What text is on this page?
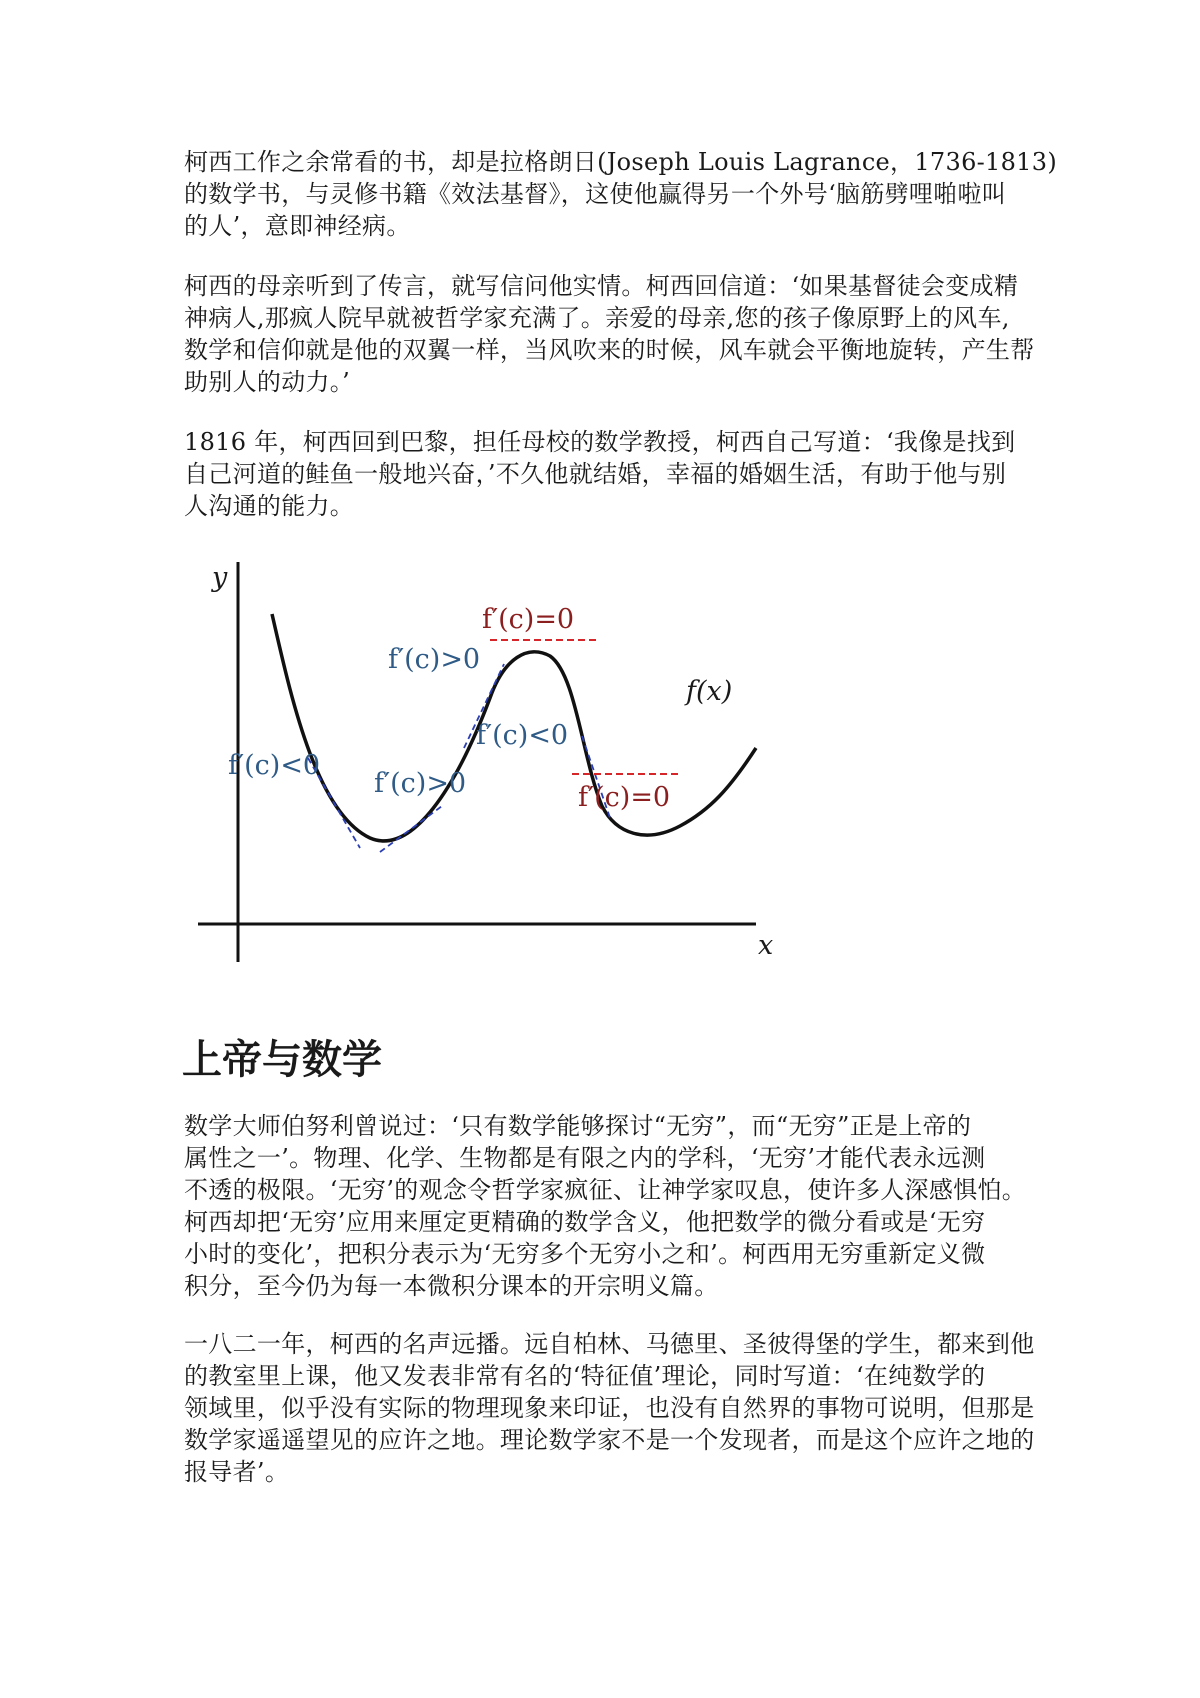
柯西工作之余常看的书，却是拉格朗日(Joseph Louis Lagrance，1736-1813)
的数学书，与灵修书籍《效法基督》，这使他赢得另一个外号‘脑筋劈哩啪啦叫
的人’，意即神经病。

柯西的母亲听到了传言，就写信问他实情。柯西回信道：‘如果基督徒会变成精
神病人,那疯人院早就被哲学家充满了。亲爱的母亲,您的孩子像原野上的风车,
数学和信仰就是他的双翼一样，当风吹来的时候，风车就会平衡地旋转，产生帮
助别人的动力。’

1816 年，柯西回到巴黎，担任母校的数学教授，柯西自己写道：‘我像是找到
自己河道的鲑鱼一般地兴奋，’不久他就结婚，幸福的婚姻生活，有助于他与别
人沟通的能力。

y
x
f′(c)=0
f′(c)>0
f(x)
f′(c)<0
f′(c)<0
f′(c)>0	f′(c)=0
上帝与数学

数学大师伯努利曾说过：‘只有数学能够探讨“无穷”，而“无穷”正是上帝的
属性之一’。物理、化学、生物都是有限之内的学科，‘无穷’才能代表永远测
不透的极限。‘无穷’的观念令哲学家疯征、让神学家叹息，使许多人深感惧怕。
柯西却把‘无穷’应用来厘定更精确的数学含义，他把数学的微分看或是‘无穷
小时的变化’，把积分表示为‘无穷多个无穷小之和’。柯西用无穷重新定义微
积分，至今仍为每一本微积分课本的开宗明义篇。

一八二一年，柯西的名声远播。远自柏林、马德里、圣彼得堡的学生，都来到他
的教室里上课，他又发表非常有名的‘特征值’理论，同时写道：‘在纯数学的
领域里，似乎没有实际的物理现象来印证，也没有自然界的事物可说明，但那是
数学家遥遥望见的应许之地。理论数学家不是一个发现者，而是这个应许之地的
报导者’。
